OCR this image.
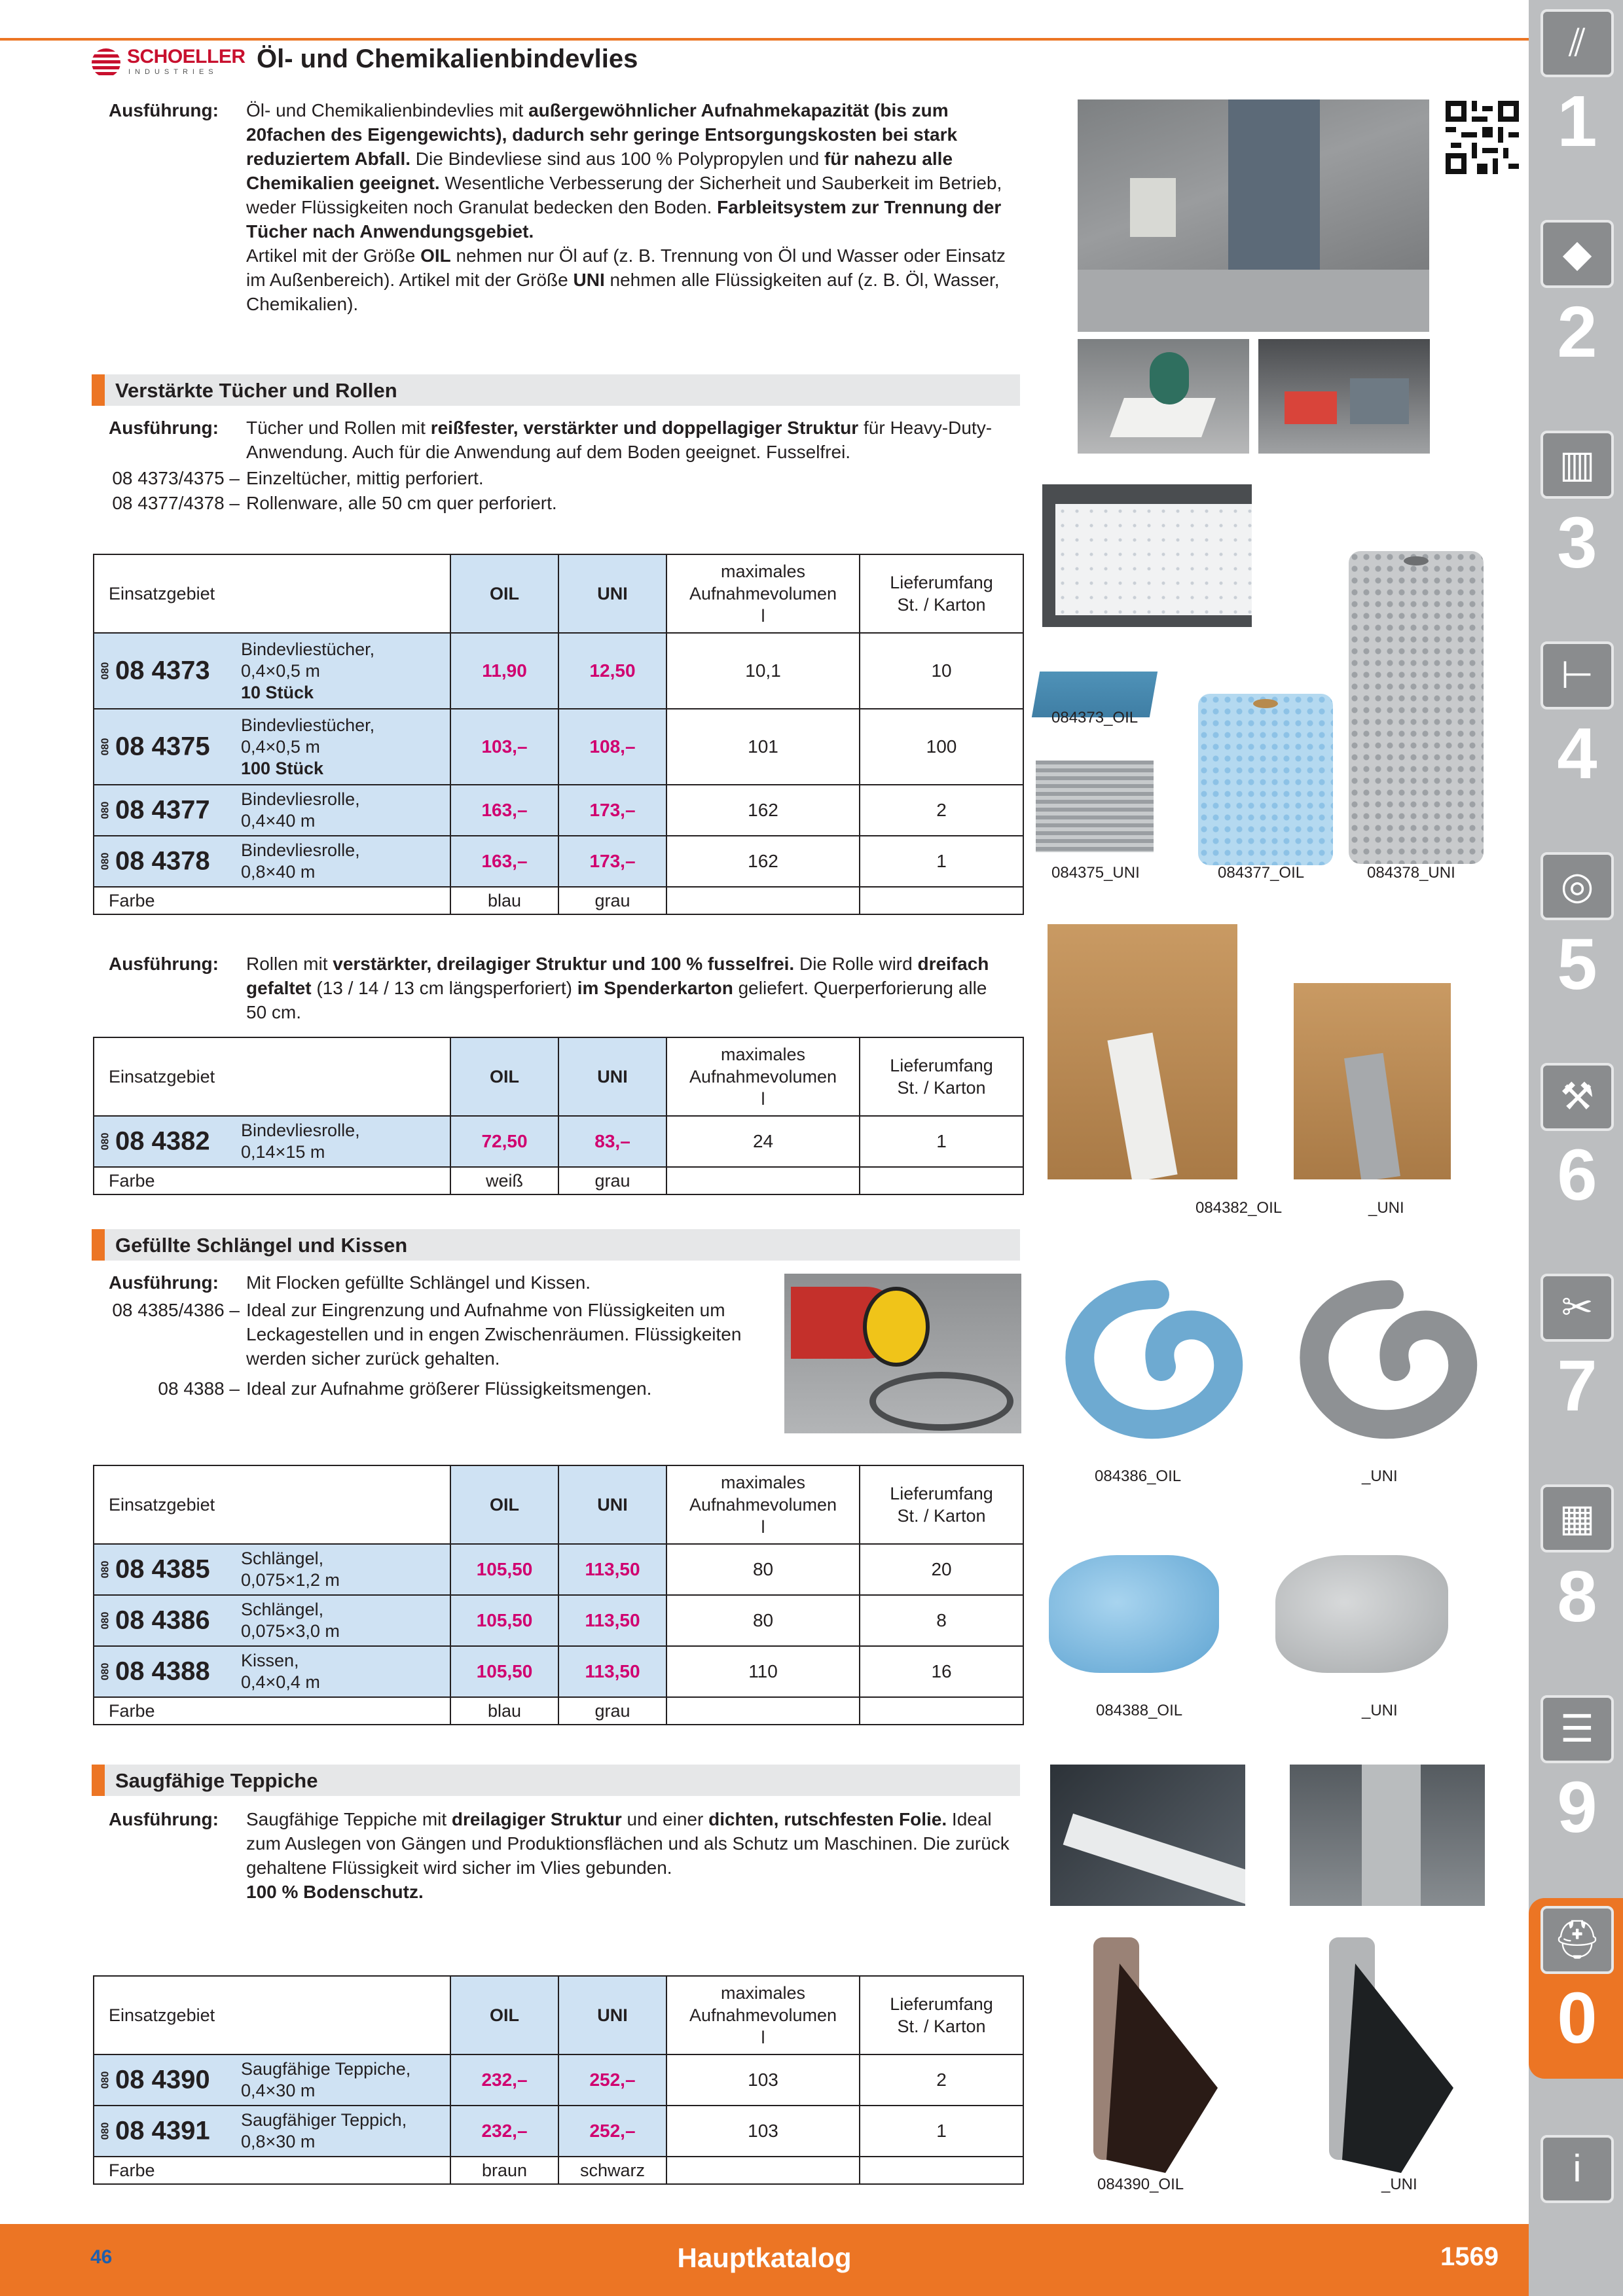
SCHOELLER
INDUSTRIES Öl- und Chemikalienbindevlies
Ausführung: Öl- und Chemikalienbindevlies mit außergewöhnlicher Aufnahmekapazität (bis zum 20fachen des Eigengewichts), dadurch sehr geringe Entsorgungskosten bei stark reduziertem Abfall. Die Bindevliese sind aus 100 % Polypropylen und für nahezu alle Chemikalien geeignet. Wesentliche Verbesserung der Sicherheit und Sauberkeit im Betrieb, weder Flüssigkeiten noch Granulat bedecken den Boden. Farbleitsystem zur Trennung der Tücher nach Anwendungsgebiet.
Artikel mit der Größe OIL nehmen nur Öl auf (z. B. Trennung von Öl und Wasser oder Einsatz im Außenbereich). Artikel mit der Größe UNI nehmen alle Flüssigkeiten auf (z. B. Öl, Wasser, Chemikalien).
Verstärkte Tücher und Rollen
Ausführung: Tücher und Rollen mit reißfester, verstärkter und doppellagiger Struktur für Heavy-Duty-Anwendung. Auch für die Anwendung auf dem Boden geeignet. Fusselfrei.
08 4373/4375 – Einzeltücher, mittig perforiert.
08 4377/4378 – Rollenware, alle 50 cm quer perforiert.
Einsatzgebiet		OIL	UNI	maximales
Aufnahmevolumen
l	Lieferumfang
St. / Karton

080 08 4373	Bindevliestücher,
0,4×0,5 m
10 Stück	11,90	12,50	10,1	10

080 08 4375	Bindevliestücher,
0,4×0,5 m
100 Stück	103,–	108,–	101	100

080 08 4377	Bindevliesrolle,
0,4×40 m	163,–	173,–	162	2

080 08 4378	Bindevliesrolle,
0,8×40 m	163,–	173,–	162	1
Farbe		blau	grau		
084373_OIL
084375_UNI	084377_OIL	084378_UNI
Ausführung: Rollen mit verstärkter, dreilagiger Struktur und 100 % fusselfrei. Die Rolle wird dreifach gefaltet (13 / 14 / 13 cm längsperforiert) im Spenderkarton geliefert. Querperforierung alle 50 cm.
Einsatzgebiet		OIL	UNI	maximales
Aufnahmevolumen
l	Lieferumfang
St. / Karton

080 08 4382	Bindevliesrolle,
0,14×15 m	72,50	83,–	24	1
Farbe		weiß	grau		
084382_OIL	_UNI
Gefüllte Schlängel und Kissen
Ausführung: Mit Flocken gefüllte Schlängel und Kissen.
08 4385/4386 – Ideal zur Eingrenzung und Aufnahme von Flüssigkeiten um Leckagestellen und in engen Zwischenräumen. Flüssigkeiten werden sicher zurück gehalten.
08 4388 – Ideal zur Aufnahme größerer Flüssigkeitsmengen.
Einsatzgebiet		OIL	UNI	maximales
Aufnahmevolumen
l	Lieferumfang
St. / Karton

080 08 4385	Schlängel,
0,075×1,2 m	105,50	113,50	80	20

080 08 4386	Schlängel,
0,075×3,0 m	105,50	113,50	80	8

080 08 4388	Kissen,
0,4×0,4 m	105,50	113,50	110	16
Farbe		blau	grau		
084386_OIL	_UNI
084388_OIL	_UNI
Saugfähige Teppiche
Ausführung: Saugfähige Teppiche mit dreilagiger Struktur und einer dichten, rutschfesten Folie. Ideal zum Auslegen von Gängen und Produktionsflächen und als Schutz um Maschinen. Die zurück gehaltene Flüssigkeit wird sicher im Vlies gebunden.
100 % Bodenschutz.
Einsatzgebiet		OIL	UNI	maximales
Aufnahmevolumen
l	Lieferumfang
St. / Karton

080 08 4390	Saugfähige Teppiche,
0,4×30 m	232,–	252,–	103	2

080 08 4391	Saugfähiger Teppich,
0,8×30 m	232,–	252,–	103	1
Farbe		braun	schwarz		
084390_OIL	_UNI
⫽
1
◆
2
▥
3
⊢
4
◎
5
⚒
6
✂
7
▦
8
☰
9
⛑
0
i
46	Hauptkatalog	1569
